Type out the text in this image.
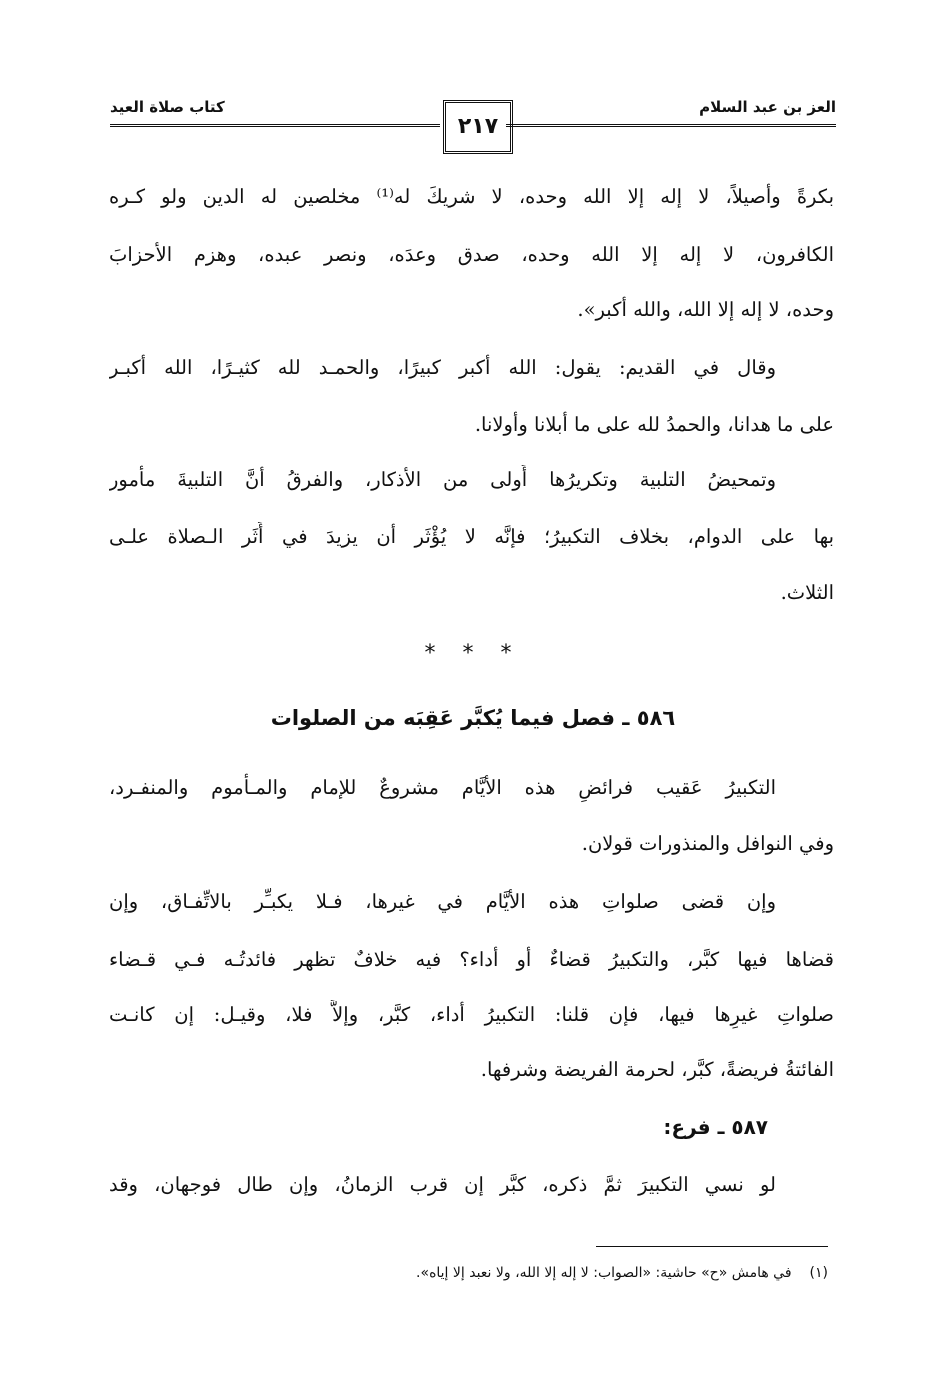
العز بن عبد السلام
كتاب صلاة العيد
٢١٧
بكرةً وأصيلاً، لا إله إلا الله وحده، لا شريكَ له⁽¹⁾ مخلصين له الدين ولو كـره
الكافرون، لا إله إلا الله وحده، صدق وعدَه، ونصر عبده، وهزم الأحزابَ
وحده، لا إله إلا الله، والله أكبر».
وقال في القديم: يقول: الله أكبر كبيرًا، والحمـد لله كثيـرًا، الله أكبـر
على ما هدانا، والحمدُ لله على ما أبلانا وأولانا.
وتمحيضُ التلبية وتكريرُها أَولى من الأذكار، والفرقُ أنَّ التلبيةَ مأمور
بها على الدوام، بخلاف التكبيرُ؛ فإنَّه لا يُؤْثَر أن يزيدَ في أَثَر الـصلاة علـى
الثلاث.
* * *
٥٨٦ ـ فصل فيما يُكبَّر عَقِبَه من الصلوات
التكبيرُ عَقيب فرائضِ هذه الأيَّام مشروعٌ للإمام والمـأموم والمنفـرد،
وفي النوافل والمنذورات قولان.
وإن قضى صلواتِ هذه الأيَّام في غيرها، فـلا يكبـِّر بالاتِّفـاق، وإن
قضاها فيها كبَّر، والتكبيرُ قضاءٌ أو أداء؟ فيه خلافٌ تظهر فائدتُـه فـي قـضاء
صلواتِ غيرِها فيها، فإن قلنا: التكبيرُ أداء، كبَّر، وإلاَّ فلا، وقيـل: إن كانـت
الفائتةُ فريضةً، كبَّر، لحرمة الفريضة وشرفها.
٥٨٧ ـ فرع:
لو نسي التكبيرَ ثمَّ ذكره، كبَّر إن قرب الزمانُ، وإن طال فوجهان، وقد
(١)في هامش «ح» حاشية: «الصواب: لا إله إلا الله، ولا نعبد إلا إياه».
